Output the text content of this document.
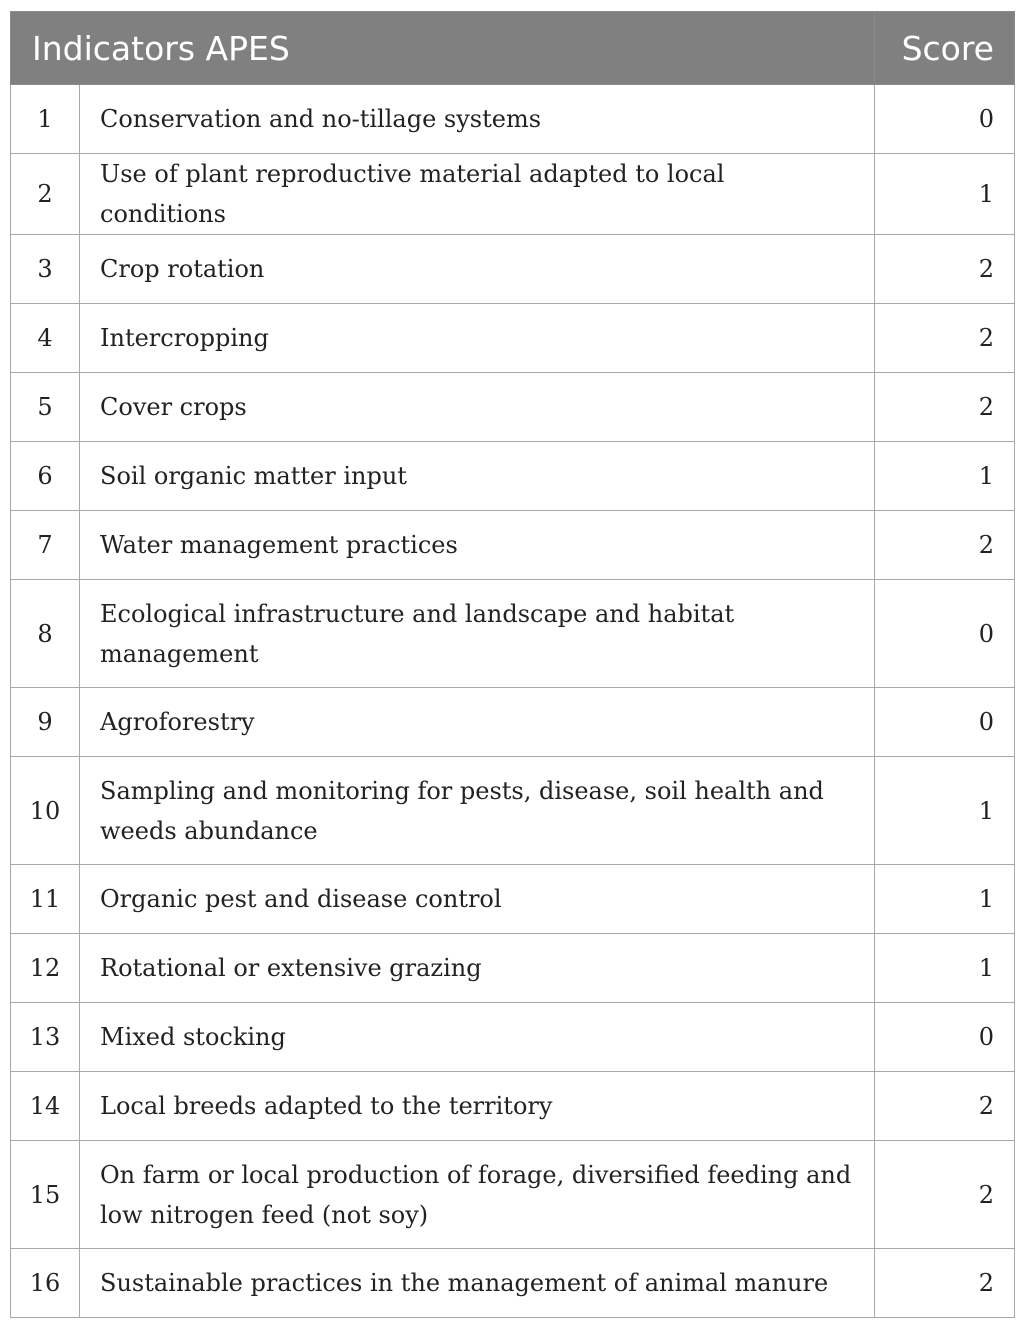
Indicators APES		Score
1	Conservation and no-tillage systems	0
2	Use of plant reproductive material adapted to local conditions	1
3	Crop rotation	2
4	Intercropping	2
5	Cover crops	2
6	Soil organic matter input	1
7	Water management practices	2
8	Ecological infrastructure and landscape and habitat management	0
9	Agroforestry	0
10	Sampling and monitoring for pests, disease, soil health and weeds abundance	1
11	Organic pest and disease control	1
12	Rotational or extensive grazing	1
13	Mixed stocking	0
14	Local breeds adapted to the territory	2
15	On farm or local production of forage, diversified feeding and low nitrogen feed (not soy)	2
16	Sustainable practices in the management of animal manure	2
